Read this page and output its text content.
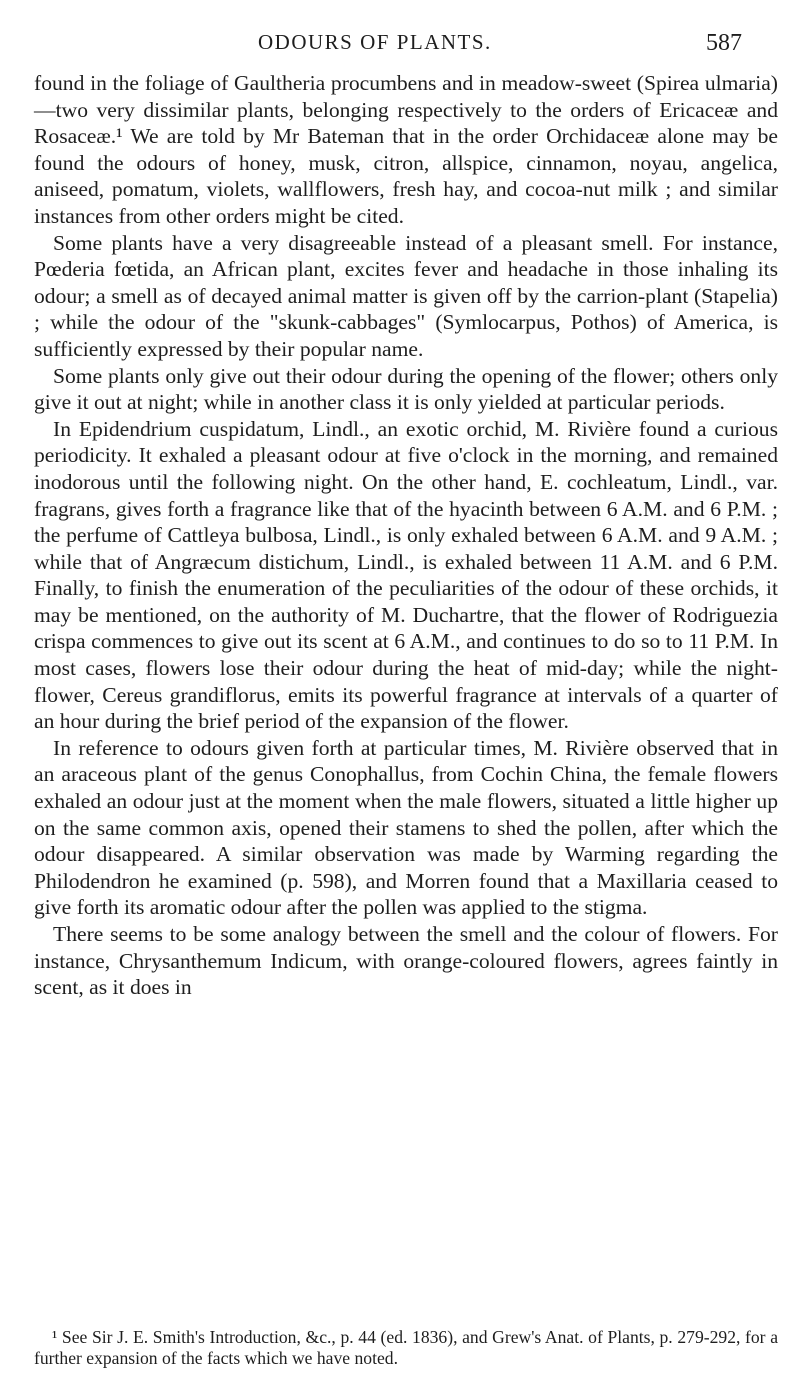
ODOURS OF PLANTS.	587

found in the foliage of Gaultheria procumbens and in meadow-sweet (Spirea ulmaria)—two very dissimilar plants, belonging respectively to the orders of Ericaceæ and Rosaceæ.¹ We are told by Mr Bateman that in the order Orchidaceæ alone may be found the odours of honey, musk, citron, allspice, cinnamon, noyau, angelica, aniseed, pomatum, violets, wallflowers, fresh hay, and cocoa-nut milk ; and similar instances from other orders might be cited.

Some plants have a very disagreeable instead of a pleasant smell. For instance, Pœderia fœtida, an African plant, excites fever and headache in those inhaling its odour; a smell as of decayed animal matter is given off by the carrion-plant (Stapelia) ; while the odour of the "skunk-cabbages" (Symlocarpus, Pothos) of America, is sufficiently expressed by their popular name.

Some plants only give out their odour during the opening of the flower; others only give it out at night; while in another class it is only yielded at particular periods.

In Epidendrium cuspidatum, Lindl., an exotic orchid, M. Rivière found a curious periodicity. It exhaled a pleasant odour at five o'clock in the morning, and remained inodorous until the following night. On the other hand, E. cochleatum, Lindl., var. fragrans, gives forth a fragrance like that of the hyacinth between 6 A.M. and 6 P.M. ; the perfume of Cattleya bulbosa, Lindl., is only exhaled between 6 A.M. and 9 A.M. ; while that of Angræcum distichum, Lindl., is exhaled between 11 A.M. and 6 P.M. Finally, to finish the enumeration of the peculiarities of the odour of these orchids, it may be mentioned, on the authority of M. Duchartre, that the flower of Rodriguezia crispa commences to give out its scent at 6 A.M., and continues to do so to 11 P.M. In most cases, flowers lose their odour during the heat of mid-day; while the night-flower, Cereus grandiflorus, emits its powerful fragrance at intervals of a quarter of an hour during the brief period of the expansion of the flower.

In reference to odours given forth at particular times, M. Rivière observed that in an araceous plant of the genus Conophallus, from Cochin China, the female flowers exhaled an odour just at the moment when the male flowers, situated a little higher up on the same common axis, opened their stamens to shed the pollen, after which the odour disappeared. A similar observation was made by Warming regarding the Philodendron he examined (p. 598), and Morren found that a Maxillaria ceased to give forth its aromatic odour after the pollen was applied to the stigma.

There seems to be some analogy between the smell and the colour of flowers. For instance, Chrysanthemum Indicum, with orange-coloured flowers, agrees faintly in scent, as it does in

¹ See Sir J. E. Smith's Introduction, &c., p. 44 (ed. 1836), and Grew's Anat. of Plants, p. 279-292, for a further expansion of the facts which we have noted.
